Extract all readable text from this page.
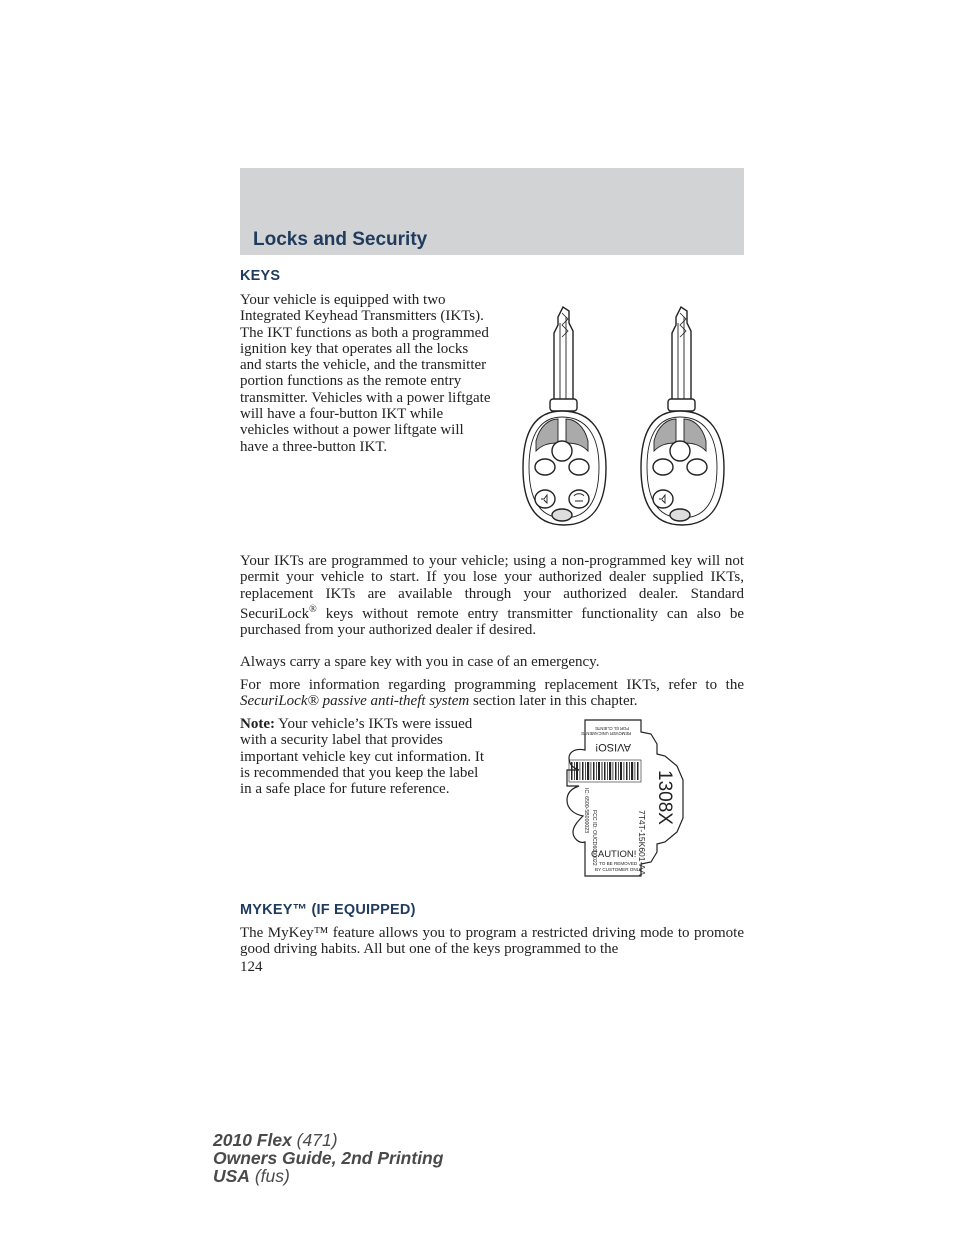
Locks and Security
KEYS

Your vehicle is equipped with two Integrated Keyhead Transmitters (IKTs). The IKT functions as both a programmed ignition key that operates all the locks and starts the vehicle, and the transmitter portion functions as the remote entry transmitter. Vehicles with a power liftgate will have a four-button IKT while vehicles without a power liftgate will have a three-button IKT.

Your IKTs are programmed to your vehicle; using a non-programmed key will not permit your vehicle to start. If you lose your authorized dealer supplied IKTs, replacement IKTs are available through your authorized dealer. Standard SecuriLock® keys without remote entry transmitter functionality can also be purchased from your authorized dealer if desired.

Always carry a spare key with you in case of an emergency.

For more information regarding programming replacement IKTs, refer to the SecuriLock® passive anti-theft system section later in this chapter.

Note: Your vehicle’s IKTs were issued with a security label that provides important vehicle key cut information. It is recommended that you keep the label in a safe place for future reference.

AVISO!
REMOVER UNICAMENTE
POR EL CLIENTE
IC: 6500-5B000023 FCC ID: OUCD6000022	7T4T-15K601-AA
1308X
CAUTION!
TO BE REMOVED
BY CUSTOMER ONLY
MYKEY™ (IF EQUIPPED)

The MyKey™ feature allows you to program a restricted driving mode to promote good driving habits. All but one of the keys programmed to the

124
2010 Flex (471)
Owners Guide, 2nd Printing
USA (fus)
